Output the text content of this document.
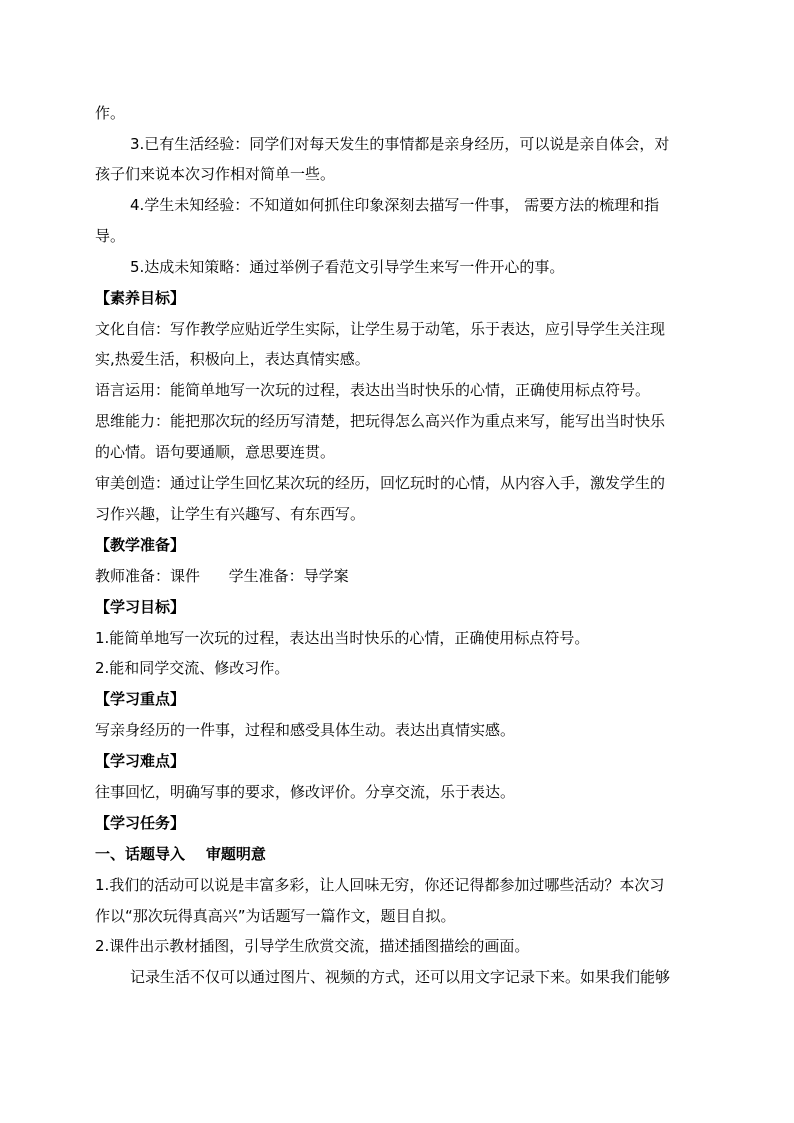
作。
3.已有生活经验：同学们对每天发生的事情都是亲身经历，可以说是亲自体会，对
孩子们来说本次习作相对简单一些。
4.学生未知经验：不知道如何抓住印象深刻去描写一件事， 需要方法的梳理和指
导。
5.达成未知策略：通过举例子看范文引导学生来写一件开心的事。
【素养目标】
文化自信：写作教学应贴近学生实际，让学生易于动笔，乐于表达，应引导学生关注现
实,热爱生活，积极向上，表达真情实感。
语言运用：能简单地写一次玩的过程，表达出当时快乐的心情，正确使用标点符号。
思维能力：能把那次玩的经历写清楚，把玩得怎么高兴作为重点来写，能写出当时快乐
的心情。语句要通顺，意思要连贯。
审美创造：通过让学生回忆某次玩的经历，回忆玩时的心情，从内容入手，激发学生的
习作兴趣，让学生有兴趣写、有东西写。
【教学准备】
教师准备：课件      学生准备：导学案
【学习目标】
1.能简单地写一次玩的过程，表达出当时快乐的心情，正确使用标点符号。
2.能和同学交流、修改习作。
【学习重点】
写亲身经历的一件事，过程和感受具体生动。表达出真情实感。
【学习难点】
往事回忆，明确写事的要求，修改评价。分享交流，乐于表达。
【学习任务】
一、话题导入    审题明意
1.我们的活动可以说是丰富多彩，让人回味无穷，你还记得都参加过哪些活动？本次习
作以“那次玩得真高兴”为话题写一篇作文，题目自拟。
2.课件出示教材插图，引导学生欣赏交流，描述插图描绘的画面。
记录生活不仅可以通过图片、视频的方式，还可以用文字记录下来。如果我们能够
